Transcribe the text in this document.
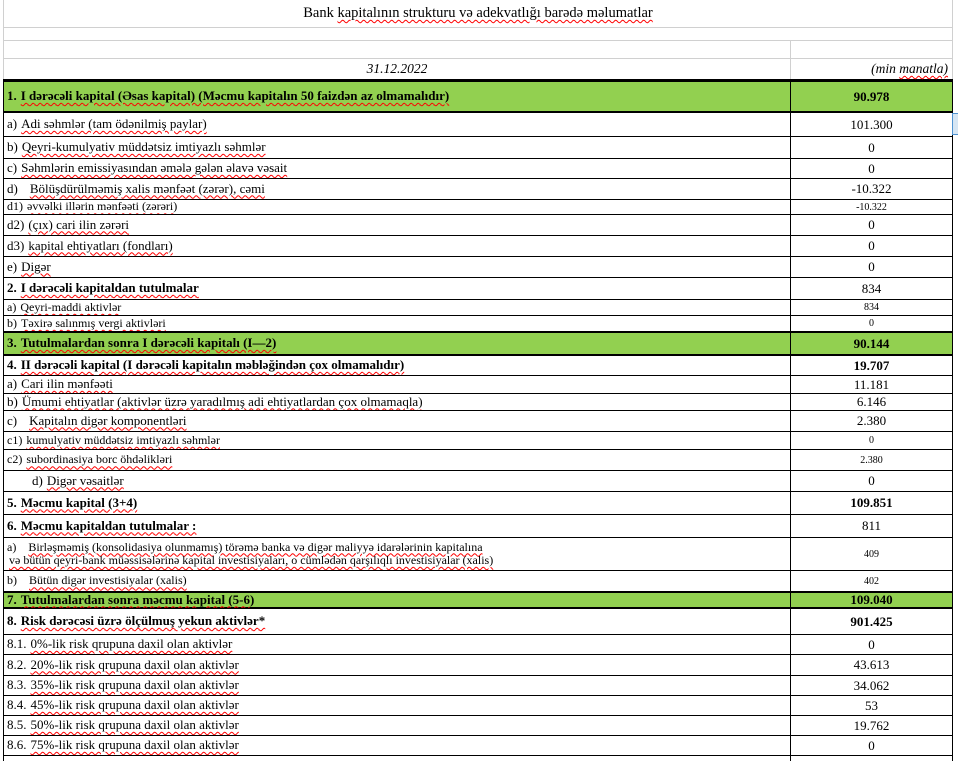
Bank kapitalının strukturu və adekvatlığı barədə məlumatlar
31.12.2022	(min manatla)
1. I dərəcəli kapital (Əsas kapital) (Məcmu kapitalın 50 faizdən az olmamalıdır)	90.978
a) Adi səhmlər (tam ödənilmiş paylar)	101.300
b) Qeyri-kumulyativ müddətsiz imtiyazlı səhmlər	0
c) Səhmlərin emissiyasından əmələ gələn əlavə vəsait	0
d) Bölüşdürülməmiş xalis mənfəət (zərər), cəmi	-10.322
d1) əvvəlki illərin mənfəəti (zərəri)	-10.322
d2) (çıx) cari ilin zərəri	0
d3) kapital ehtiyatları (fondları)	0
e) Digər	0
2. I dərəcəli kapitaldan tutulmalar	834
a) Qeyri-maddi aktivlər	834
b) Təxirə salınmış vergi aktivləri	0
3. Tutulmalardan sonra I dərəcəli kapitalı (I—2)	90.144
4. II dərəcəli kapital (I dərəcəli kapitalın məbləğindən çox olmamalıdır)	19.707
a) Cari ilin mənfəəti	11.181
b) Ümumi ehtiyatlar (aktivlər üzrə yaradılmış adi ehtiyatlardan çox olmamaqla)	6.146
c) Kapitalın digər komponentləri	2.380
c1) kumulyativ müddətsiz imtiyazlı səhmlər	0
c2) subordinasiya borc öhdəlikləri	2.380
d) Digər vəsaitlər	0
5. Məcmu kapital (3+4)	109.851
6. Məcmu kapitaldan tutulmalar :	811
a) Birləşməmiş (konsolidasiya olunmamış) törəmə banka və digər maliyyə idarələrinin kapitalına
və bütün qeyri-bank müəssisələrinə kapital investisiyaları, o cümlədən qarşılıqlı investisiyalar (xalis)	409
b) Bütün digər investisiyalar (xalis)	402
7. Tutulmalardan sonra məcmu kapital (5-6)	109.040
8. Risk dərəcəsi üzrə ölçülmuş yekun aktivlər*	901.425
8.1. 0%-lik risk qrupuna daxil olan aktivlər	0
8.2. 20%-lik risk qrupuna daxil olan aktivlər	43.613
8.3. 35%-lik risk qrupuna daxil olan aktivlər	34.062
8.4. 45%-lik risk qrupuna daxil olan aktivlər	53
8.5. 50%-lik risk qrupuna daxil olan aktivlər	19.762
8.6. 75%-lik risk qrupuna daxil olan aktivlər	0
